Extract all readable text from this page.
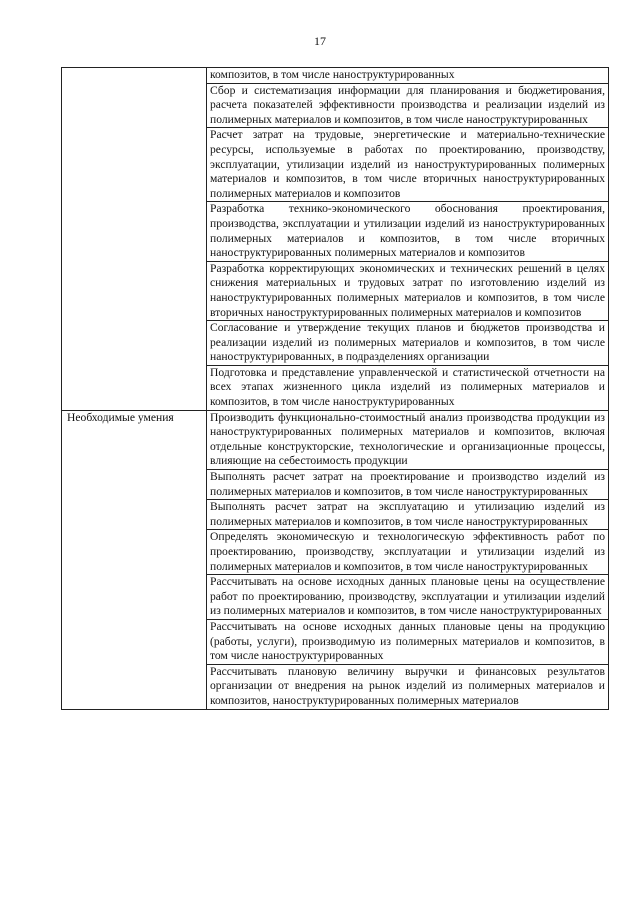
17
	композитов, в том числе наноструктурированных
	Сбор и систематизация информации для планирования и бюджетирования, расчета показателей эффективности производства и реализации изделий из полимерных материалов и композитов, в том числе наноструктурированных
	Расчет затрат на трудовые, энергетические и материально-технические ресурсы, используемые в работах по проектированию, производству, эксплуатации, утилизации изделий из наноструктурированных полимерных материалов и композитов, в том числе вторичных наноструктурированных полимерных материалов и композитов
	Разработка технико-экономического обоснования проектирования, производства, эксплуатации и утилизации изделий из наноструктурированных полимерных материалов и композитов, в том числе вторичных наноструктурированных полимерных материалов и композитов
	Разработка корректирующих экономических и технических решений в целях снижения материальных и трудовых затрат по изготовлению изделий из наноструктурированных полимерных материалов и композитов, в том числе вторичных наноструктурированных полимерных материалов и композитов
	Согласование и утверждение текущих планов и бюджетов производства и реализации изделий из полимерных материалов и композитов, в том числе наноструктурированных, в подразделениях организации
	Подготовка и представление управленческой и статистической отчетности на всех этапах жизненного цикла изделий из полимерных материалов и композитов, в том числе наноструктурированных

Необходимые умения	Производить функционально-стоимостный анализ производства продукции из наноструктурированных полимерных материалов и композитов, включая отдельные конструкторские, технологические и организационные процессы, влияющие на себестоимость продукции
	Выполнять расчет затрат на проектирование и производство изделий из полимерных материалов и композитов, в том числе наноструктурированных
	Выполнять расчет затрат на эксплуатацию и утилизацию изделий из полимерных материалов и композитов, в том числе наноструктурированных
	Определять экономическую и технологическую эффективность работ по проектированию, производству, эксплуатации и утилизации изделий из полимерных материалов и композитов, в том числе наноструктурированных
	Рассчитывать на основе исходных данных плановые цены на осуществление работ по проектированию, производству, эксплуатации и утилизации изделий из полимерных материалов и композитов, в том числе наноструктурированных
	Рассчитывать на основе исходных данных плановые цены на продукцию (работы, услуги), производимую из полимерных материалов и композитов, в том числе наноструктурированных
	Рассчитывать плановую величину выручки и финансовых результатов организации от внедрения на рынок изделий из полимерных материалов и композитов, наноструктурированных полимерных материалов
